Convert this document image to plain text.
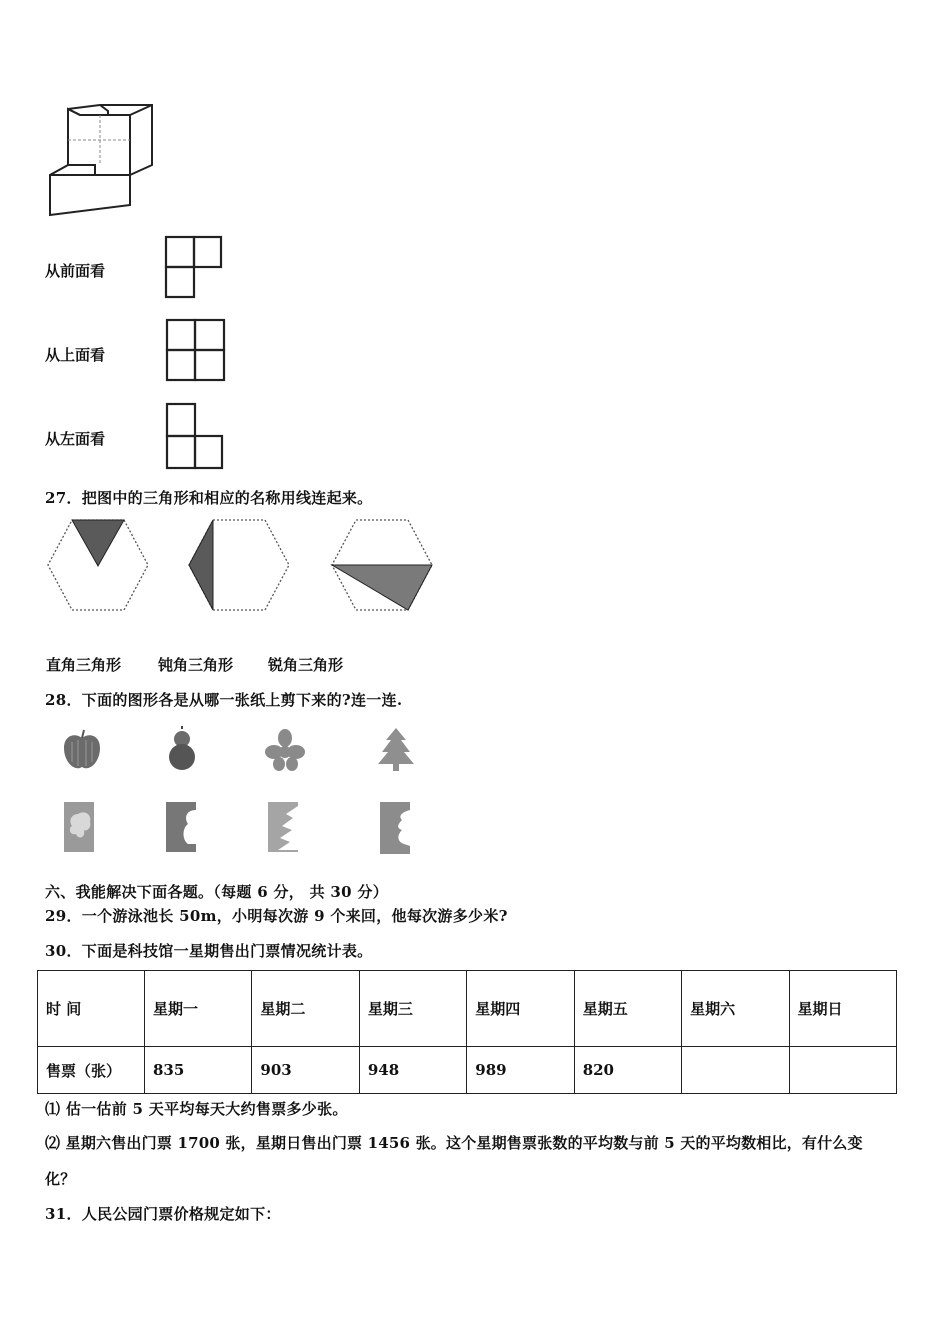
从前面看
从上面看
从左面看
27．把图中的三角形和相应的名称用线连起来。
直角三角形 钝角三角形 锐角三角形
28．下面的图形各是从哪一张纸上剪下来的?连一连.
六、我能解决下面各题。（每题 6 分， 共 30 分）
29．一个游泳池长 50m，小明每次游 9 个来回，他每次游多少米?
30．下面是科技馆一星期售出门票情况统计表。
时 间	星期一	星期二	星期三	星期四	星期五	星期六	星期日
售票（张）	835	903	948	989	820		
⑴ 估一估前 5 天平均每天大约售票多少张。
⑵ 星期六售出门票 1700 张，星期日售出门票 1456 张。这个星期售票张数的平均数与前 5 天的平均数相比，有什么变
化？
31．人民公园门票价格规定如下：
